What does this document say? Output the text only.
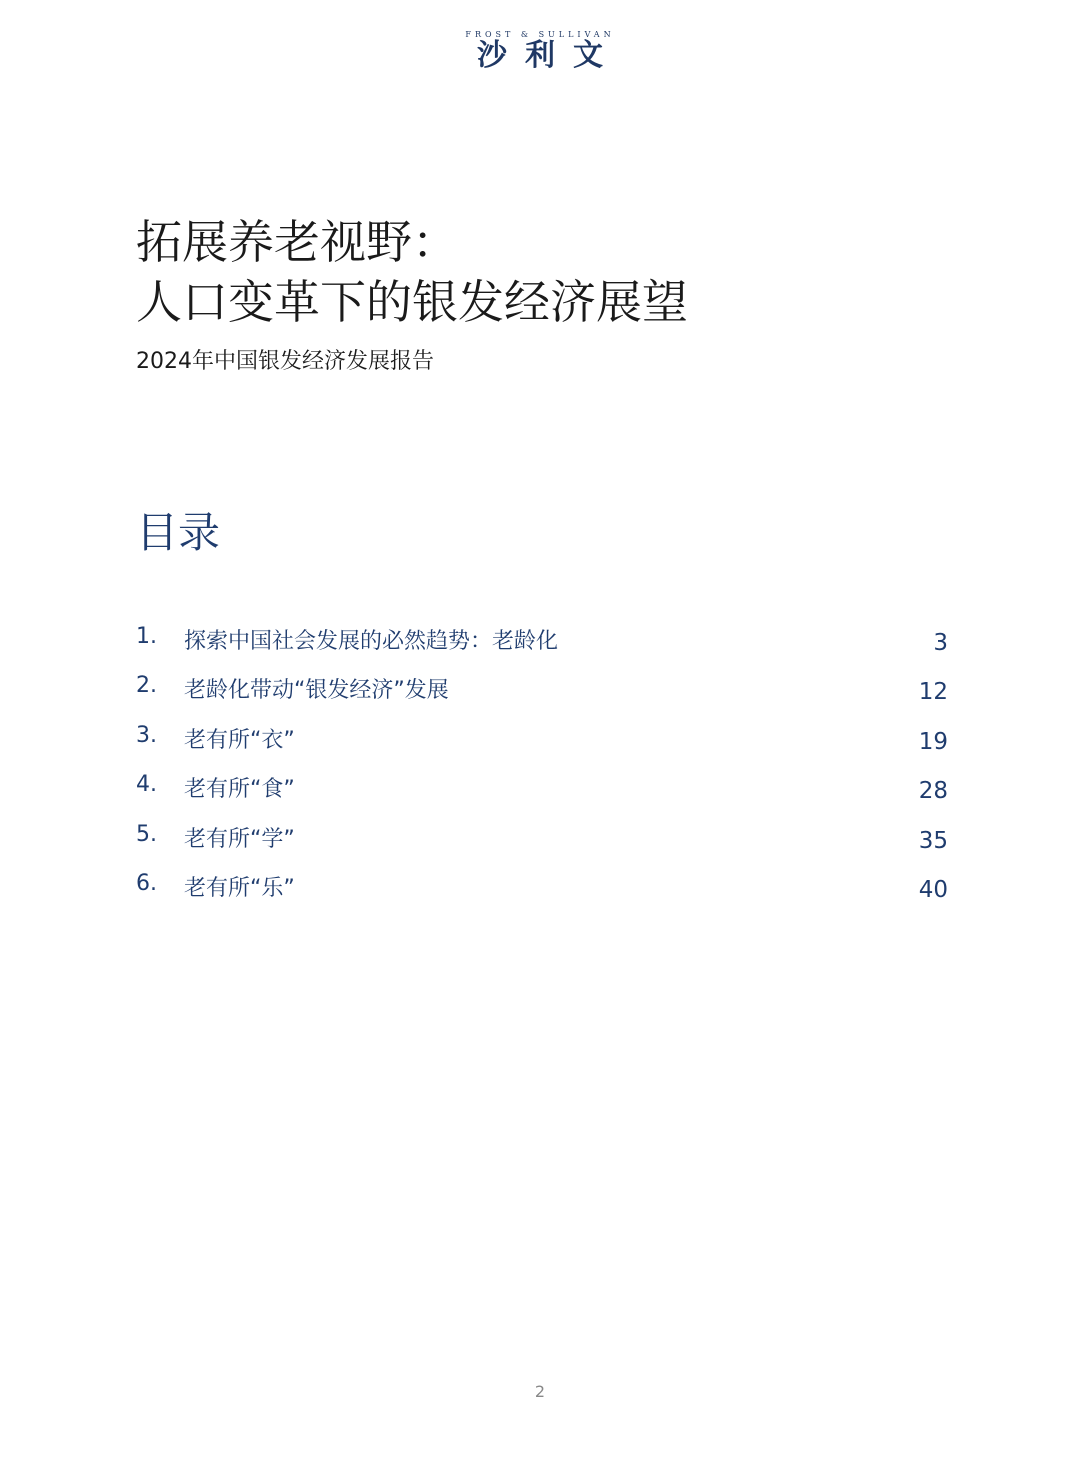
FROST & SULLIVAN
沙利文
拓展养老视野：
人口变革下的银发经济展望
2024年中国银发经济发展报告
目录
1.	探索中国社会发展的必然趋势：老龄化	3
2.	老龄化带动“银发经济”发展	12
3.	老有所“衣”	19
4.	老有所“食”	28
5.	老有所“学”	35
6.	老有所“乐”	40
2
